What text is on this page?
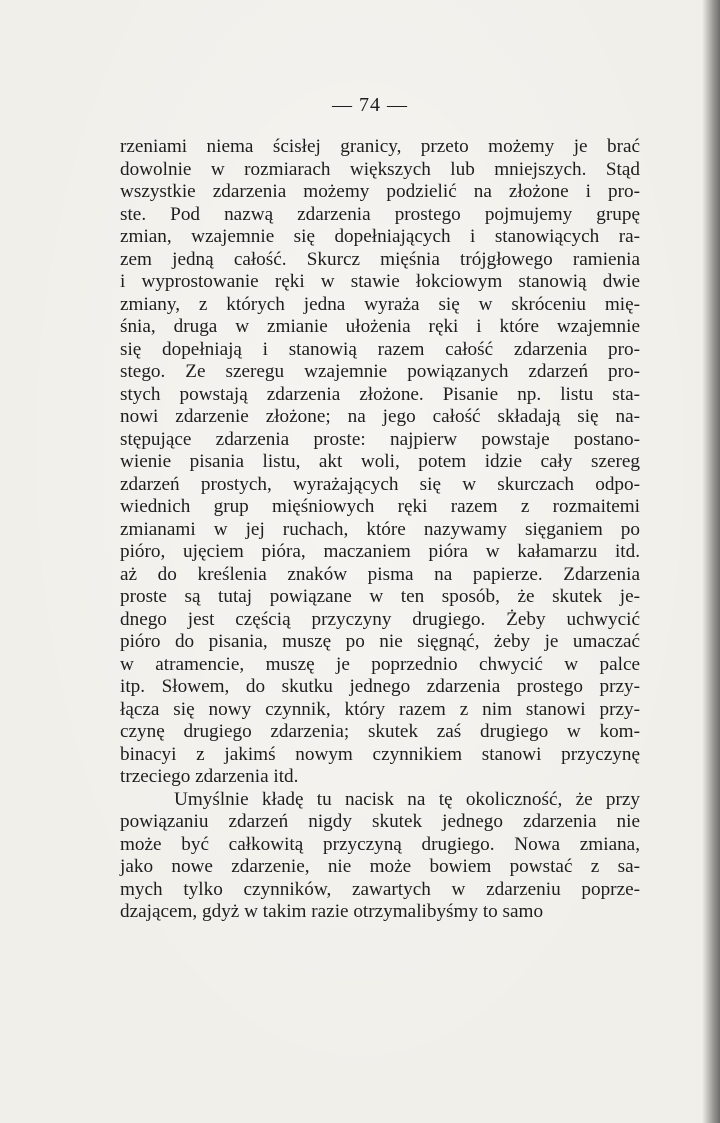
— 74 —
rzeniami niema ścisłej granicy, przeto możemy je brać
dowolnie w rozmiarach większych lub mniejszych. Stąd
wszystkie zdarzenia możemy podzielić na złożone i pro-
ste. Pod nazwą zdarzenia prostego pojmujemy grupę
zmian, wzajemnie się dopełniających i stanowiących ra-
zem jedną całość. Skurcz mięśnia trójgłowego ramienia
i wyprostowanie ręki w stawie łokciowym stanowią dwie
zmiany, z których jedna wyraża się w skróceniu mię-
śnia, druga w zmianie ułożenia ręki i które wzajemnie
się dopełniają i stanowią razem całość zdarzenia pro-
stego. Ze szeregu wzajemnie powiązanych zdarzeń pro-
stych powstają zdarzenia złożone. Pisanie np. listu sta-
nowi zdarzenie złożone; na jego całość składają się na-
stępujące zdarzenia proste: najpierw powstaje postano-
wienie pisania listu, akt woli, potem idzie cały szereg
zdarzeń prostych, wyrażających się w skurczach odpo-
wiednich grup mięśniowych ręki razem z rozmaitemi
zmianami w jej ruchach, które nazywamy sięganiem po
pióro, ujęciem pióra, maczaniem pióra w kałamarzu itd.
aż do kreślenia znaków pisma na papierze. Zdarzenia
proste są tutaj powiązane w ten sposób, że skutek je-
dnego jest częścią przyczyny drugiego. Żeby uchwycić
pióro do pisania, muszę po nie sięgnąć, żeby je umaczać
w atramencie, muszę je poprzednio chwycić w palce
itp. Słowem, do skutku jednego zdarzenia prostego przy-
łącza się nowy czynnik, który razem z nim stanowi przy-
czynę drugiego zdarzenia; skutek zaś drugiego w kom-
binacyi z jakimś nowym czynnikiem stanowi przyczynę
trzeciego zdarzenia itd.
Umyślnie kładę tu nacisk na tę okoliczność, że przy
powiązaniu zdarzeń nigdy skutek jednego zdarzenia nie
może być całkowitą przyczyną drugiego. Nowa zmiana,
jako nowe zdarzenie, nie może bowiem powstać z sa-
mych tylko czynników, zawartych w zdarzeniu poprze-
dzającem, gdyż w takim razie otrzymalibyśmy to samo
